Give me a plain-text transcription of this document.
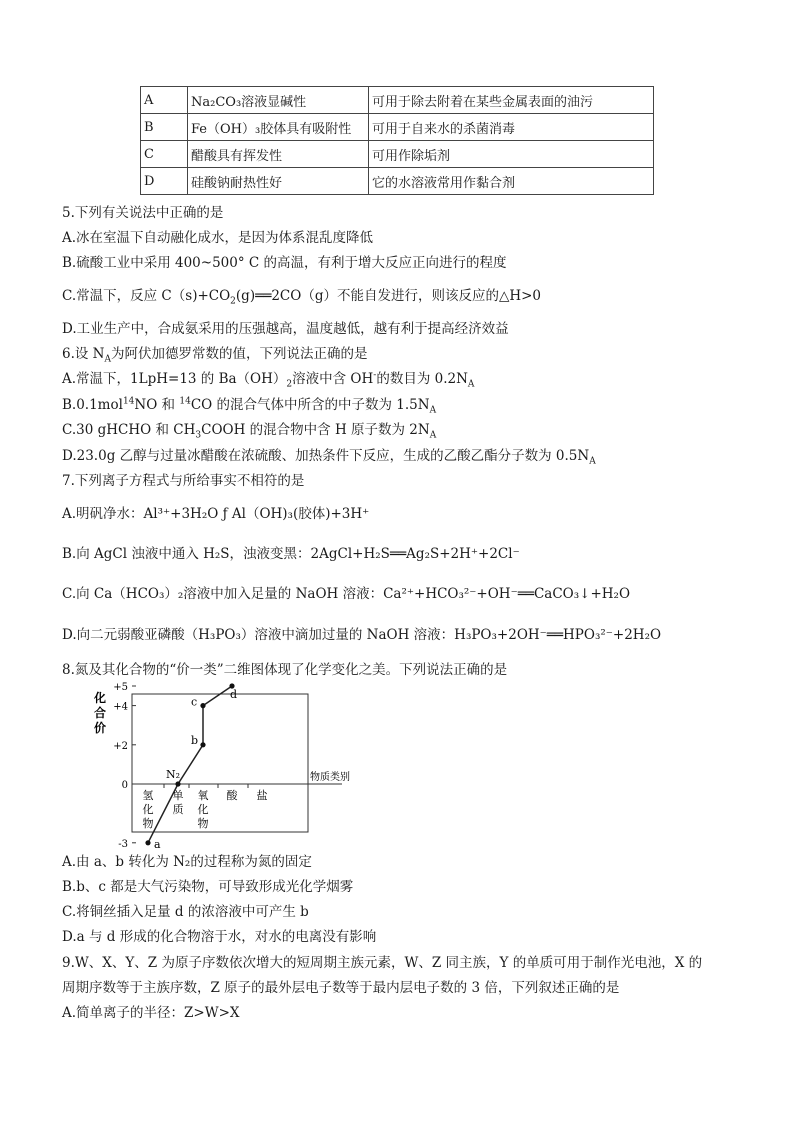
A	Na₂CO₃溶液显碱性	可用于除去附着在某些金属表面的油污
B	Fe（OH）₃胶体具有吸附性	可用于自来水的杀菌消毒
C	醋酸具有挥发性	可用作除垢剂
D	硅酸钠耐热性好	它的水溶液常用作黏合剂
5.下列有关说法中正确的是
A.冰在室温下自动融化成水，是因为体系混乱度降低
B.硫酸工业中采用 400~500° C 的高温，有利于增大反应正向进行的程度
C.常温下，反应 $C(s)+CO_2(g)══2CO(g)$不能自发进行，则该反应的△H>0
D.工业生产中，合成氨采用的压强越高，温度越低，越有利于提高经济效益
6.设 $N_A$为阿伏加德罗常数的值，下列说法正确的是
A.常温下，1LpH=13 的 $Ba(OH)_2$溶液中含 OH-的数目为 $0.2N_A$
B.0.1mol$^{14}$NO 和 $^{14}$CO 的混合气体中所含的中子数为 $1.5N_A$
C.30 gHCHO 和 $CH_3COOH$ 的混合物中含 H 原子数为 $2N_A$
D.23.0g 乙醇与过量冰醋酸在浓硫酸、加热条件下反应，生成的乙酸乙酯分子数为 $0.5N_A$
7.下列离子方程式与所给事实不相符的是
A.明矾净水：Al³⁺+3H₂O ƒ Al（OH)₃(胶体)+3H⁺
B.向 AgCl 浊液中通入 H₂S，浊液变黑：2AgCl+H₂S══Ag₂S+2H⁺+2Cl⁻
C.向 Ca（HCO₃）₂溶液中加入足量的 NaOH 溶液：Ca²⁺+HCO₃²⁻+OH⁻══CaCO₃↓+H₂O
D.向二元弱酸亚磷酸（H₃PO₃）溶液中滴加过量的 NaOH 溶液：H₃PO₃+2OH⁻══HPO₃²⁻+2H₂O
8.氮及其化合物的“价一类”二维图体现了化学变化之美。下列说法正确的是
化
合
价
+5
+4
+2
0
-3
物质类别
氢
化
物
单
质
氧
化
物
酸 盐
a
N₂
b
c
d
A.由 a、b 转化为 N₂的过程称为氮的固定
B.b、c 都是大气污染物，可导致形成光化学烟雾
C.将铜丝插入足量 d 的浓溶液中可产生 b
D.a 与 d 形成的化合物溶于水，对水的电离没有影响
9.W、X、Y、Z 为原子序数依次增大的短周期主族元素，W、Z 同主族，Y 的单质可用于制作光电池，X 的
周期序数等于主族序数，Z 原子的最外层电子数等于最内层电子数的 3 倍，下列叙述正确的是
A.简单离子的半径：Z>W>X
